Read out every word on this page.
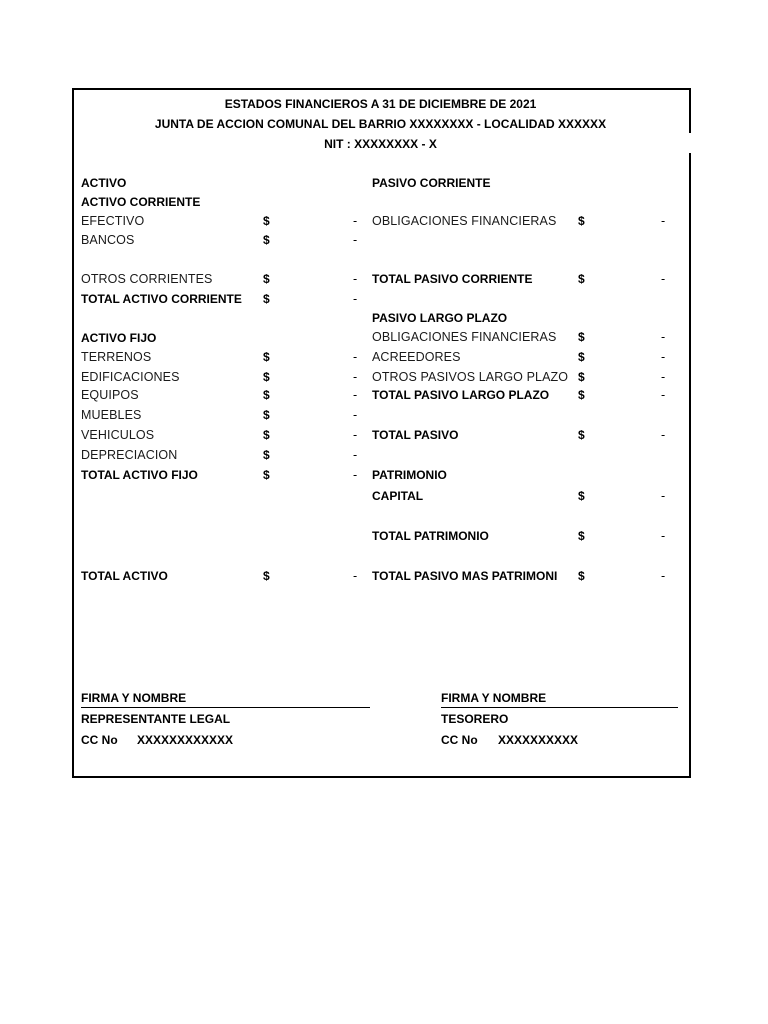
ESTADOS FINANCIEROS A 31 DE DICIEMBRE DE 2021
JUNTA DE ACCION COMUNAL DEL BARRIO XXXXXXXX - LOCALIDAD XXXXXX
NIT : XXXXXXXX - X
ACTIVO
ACTIVO CORRIENTE
EFECTIVO	$	-
BANCOS	$	-
OTROS CORRIENTES	$	-
TOTAL ACTIVO CORRIENTE $	-
ACTIVO FIJO
TERRENOS	$	-
EDIFICACIONES	$	-
EQUIPOS	$	-
MUEBLES	$	-
VEHICULOS	$	-
DEPRECIACION	$	-
TOTAL ACTIVO FIJO	$	-
TOTAL ACTIVO	$	-
PASIVO CORRIENTE
OBLIGACIONES FINANCIERAS $	-
TOTAL PASIVO CORRIENTE	$	-
PASIVO LARGO PLAZO
OBLIGACIONES FINANCIERAS $	-
ACREEDORES	$	-
OTROS PASIVOS LARGO PLAZO $	-
TOTAL PASIVO LARGO PLAZO $	-
TOTAL PASIVO	$	-
PATRIMONIO
CAPITAL	$	-
TOTAL PATRIMONIO	$	-
TOTAL PASIVO MAS PATRIMONI $	-
FIRMA Y NOMBRE
REPRESENTANTE LEGAL
CC No XXXXXXXXXXXX
FIRMA Y NOMBRE
TESORERO
CC No XXXXXXXXXX
